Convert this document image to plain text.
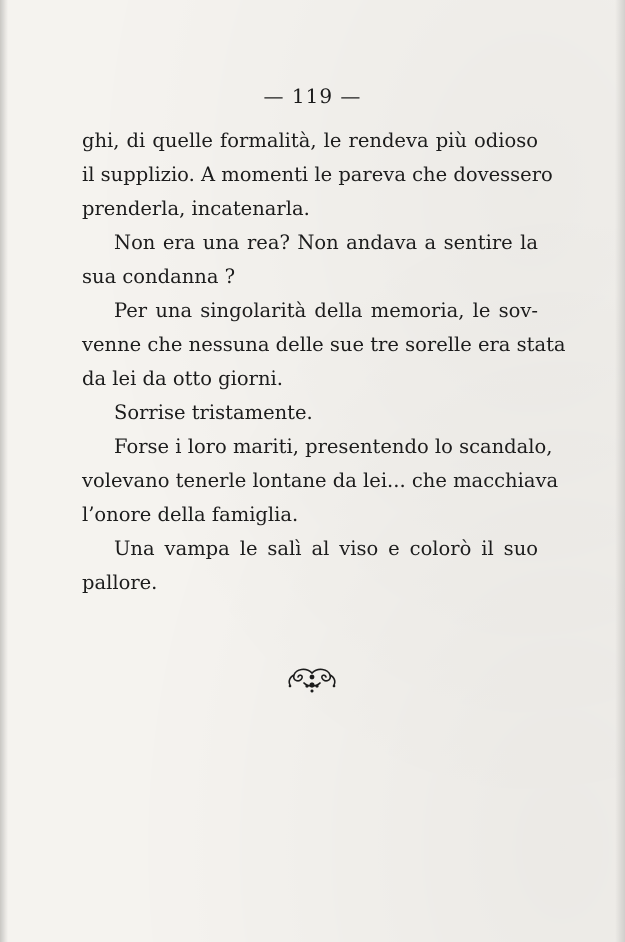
— 119 —
ghi, di quelle formalità, le rendeva più odioso
il supplizio. A momenti le pareva che dovessero
prenderla, incatenarla.
Non era una rea? Non andava a sentire la
sua condanna ?
Per una singolarità della memoria, le sov-
venne che nessuna delle sue tre sorelle era stata
da lei da otto giorni.
Sorrise tristamente.
Forse i loro mariti, presentendo lo scandalo,
volevano tenerle lontane da lei... che macchiava
l’onore della famiglia.
Una vampa le salì al viso e colorò il suo
pallore.
